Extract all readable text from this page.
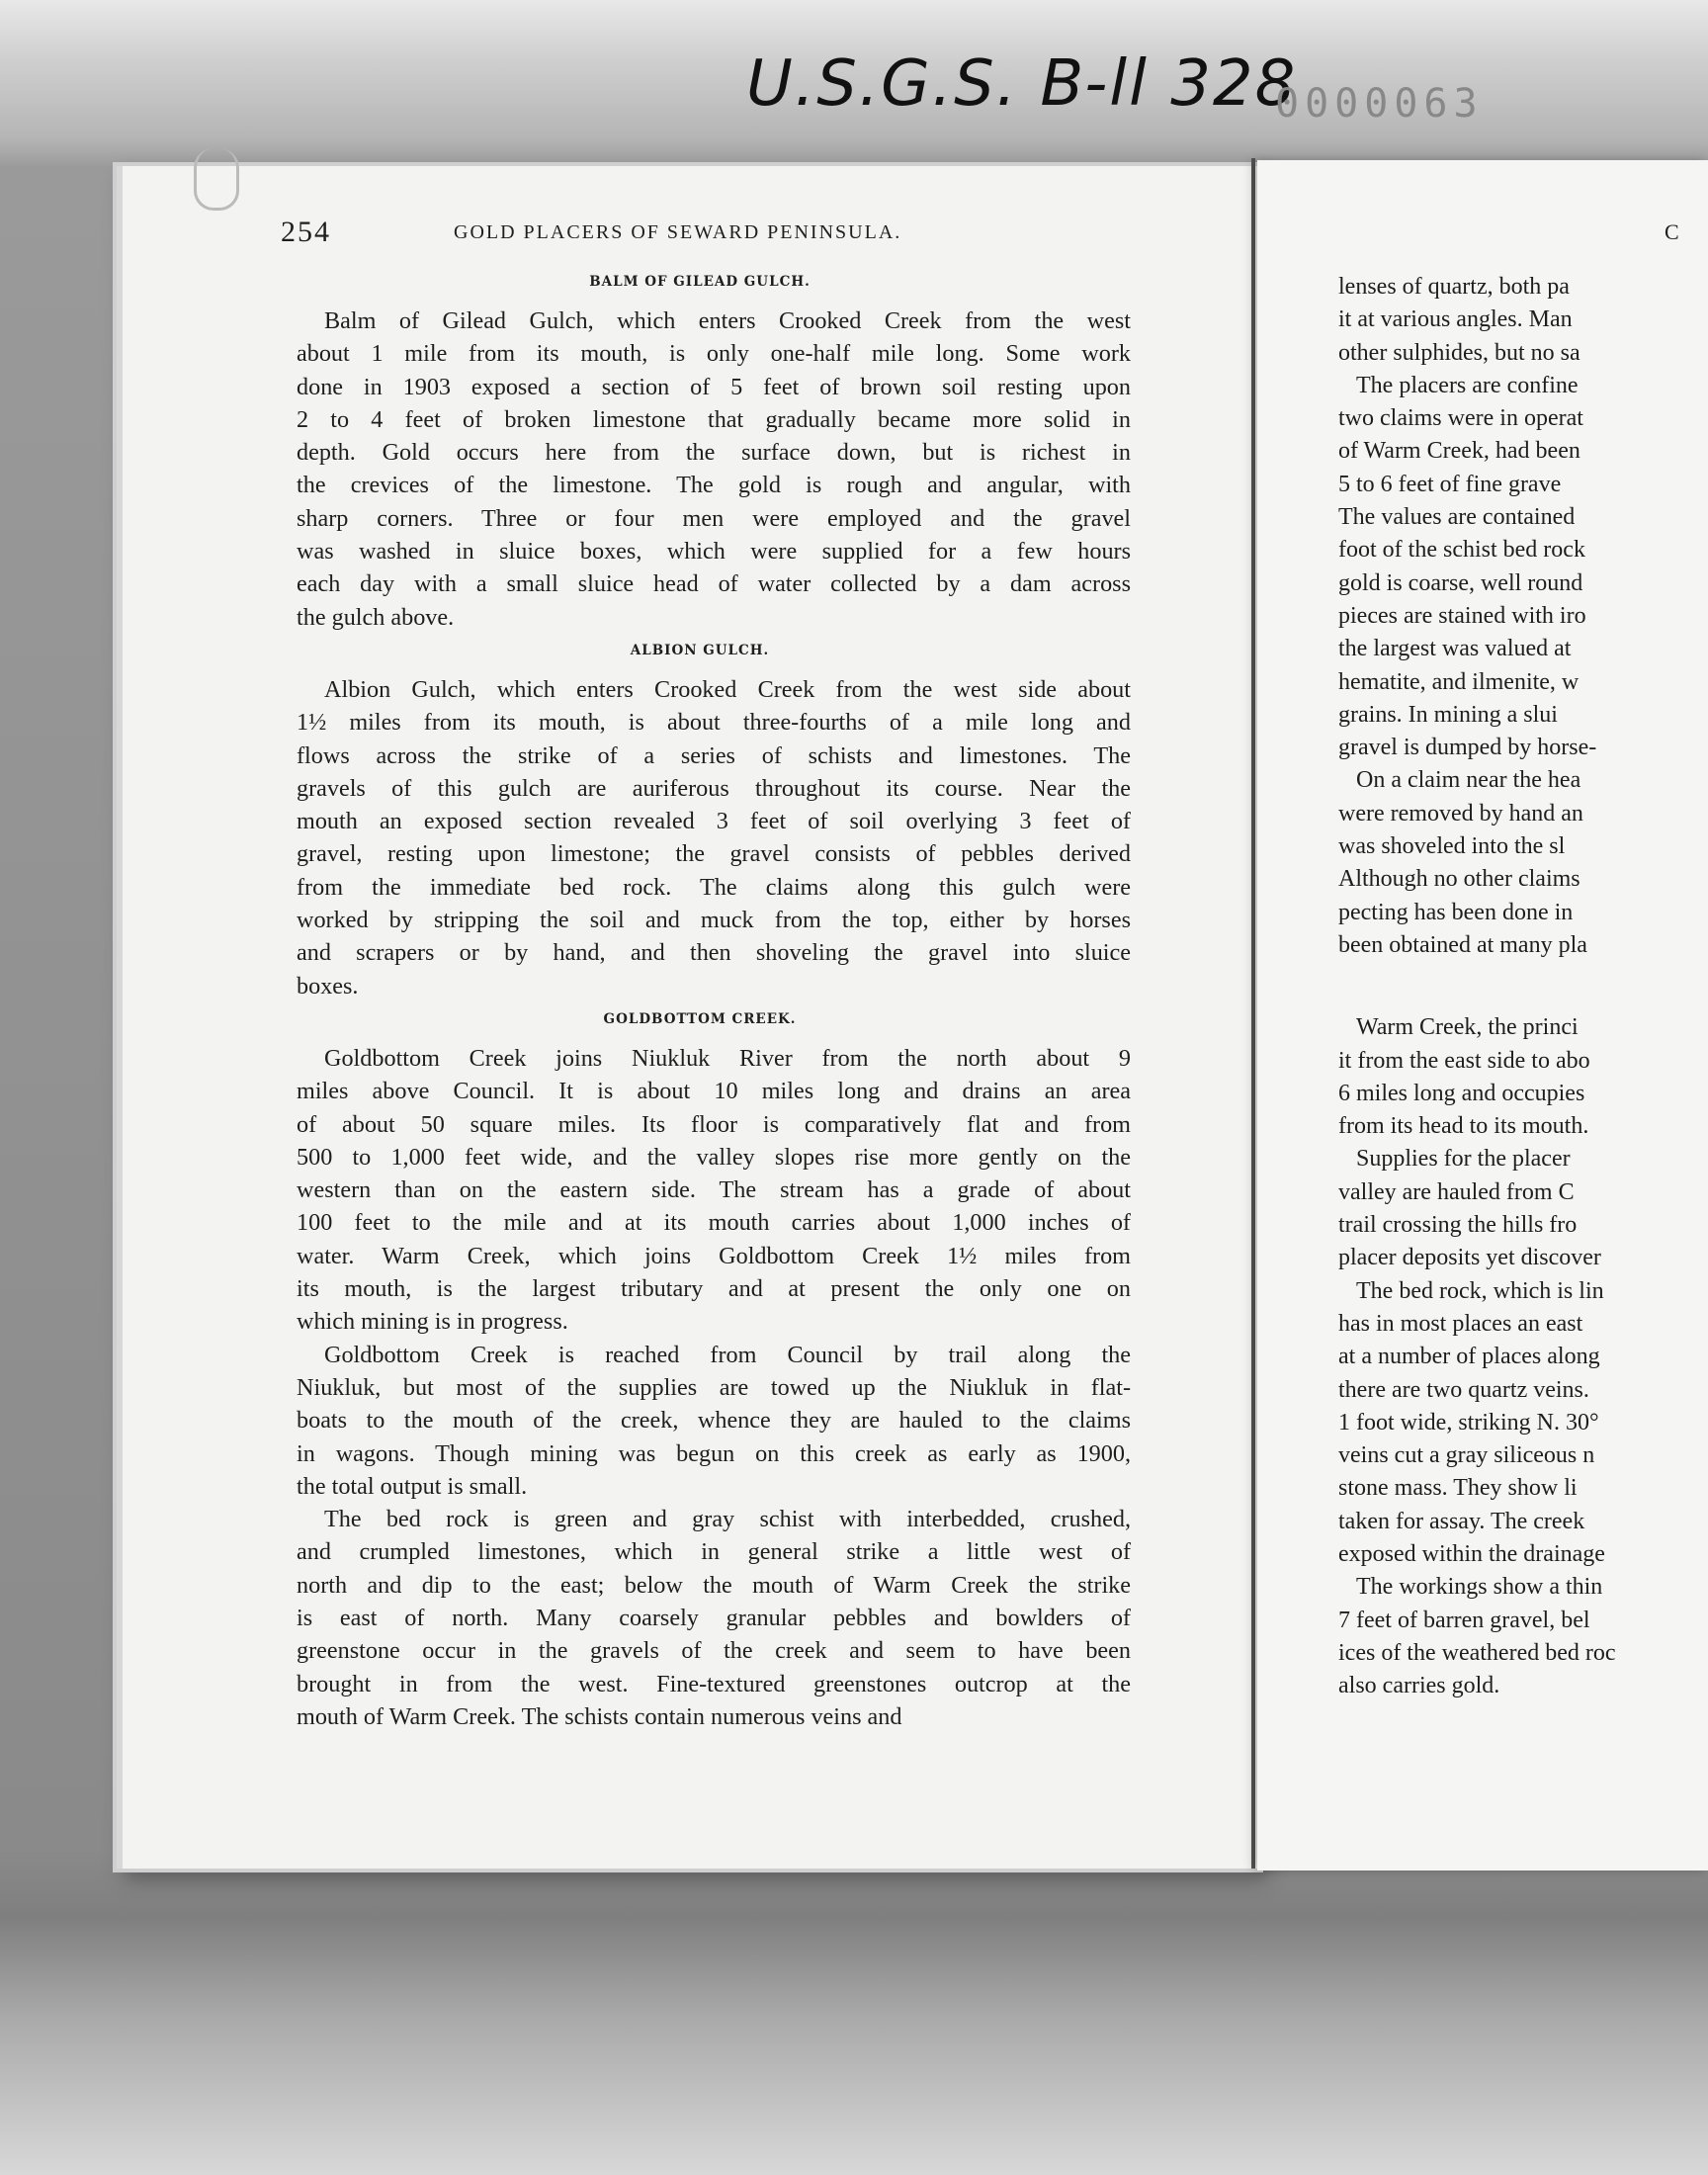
U.S.G.S. B-ll 328
0000063
254	GOLD PLACERS OF SEWARD PENINSULA.
BALM OF GILEAD GULCH.
Balm of Gilead Gulch, which enters Crooked Creek from the west
about 1 mile from its mouth, is only one-half mile long. Some work
done in 1903 exposed a section of 5 feet of brown soil resting upon
2 to 4 feet of broken limestone that gradually became more solid in
depth. Gold occurs here from the surface down, but is richest in
the crevices of the limestone. The gold is rough and angular, with
sharp corners. Three or four men were employed and the gravel
was washed in sluice boxes, which were supplied for a few hours
each day with a small sluice head of water collected by a dam across
the gulch above.
ALBION GULCH.
Albion Gulch, which enters Crooked Creek from the west side about
1½ miles from its mouth, is about three-fourths of a mile long and
flows across the strike of a series of schists and limestones. The
gravels of this gulch are auriferous throughout its course. Near the
mouth an exposed section revealed 3 feet of soil overlying 3 feet of
gravel, resting upon limestone; the gravel consists of pebbles derived
from the immediate bed rock. The claims along this gulch were
worked by stripping the soil and muck from the top, either by horses
and scrapers or by hand, and then shoveling the gravel into sluice
boxes.
GOLDBOTTOM CREEK.
Goldbottom Creek joins Niukluk River from the north about 9
miles above Council. It is about 10 miles long and drains an area
of about 50 square miles. Its floor is comparatively flat and from
500 to 1,000 feet wide, and the valley slopes rise more gently on the
western than on the eastern side. The stream has a grade of about
100 feet to the mile and at its mouth carries about 1,000 inches of
water. Warm Creek, which joins Goldbottom Creek 1½ miles from
its mouth, is the largest tributary and at present the only one on
which mining is in progress.
Goldbottom Creek is reached from Council by trail along the
Niukluk, but most of the supplies are towed up the Niukluk in flat-
boats to the mouth of the creek, whence they are hauled to the claims
in wagons. Though mining was begun on this creek as early as 1900,
the total output is small.
The bed rock is green and gray schist with interbedded, crushed,
and crumpled limestones, which in general strike a little west of
north and dip to the east; below the mouth of Warm Creek the strike
is east of north. Many coarsely granular pebbles and bowlders of
greenstone occur in the gravels of the creek and seem to have been
brought in from the west. Fine-textured greenstones outcrop at the
mouth of Warm Creek. The schists contain numerous veins and
C
lenses of quartz, both pa
it at various angles. Man
other sulphides, but no sa
The placers are confine
two claims were in operat
of Warm Creek, had been
5 to 6 feet of fine grave
The values are contained
foot of the schist bed rock
gold is coarse, well round
pieces are stained with iro
the largest was valued at
hematite, and ilmenite, w
grains. In mining a slui
gravel is dumped by horse-
On a claim near the hea
were removed by hand an
was shoveled into the sl
Although no other claims
pecting has been done in
been obtained at many pla
Warm Creek, the princi
it from the east side to abo
6 miles long and occupies
from its head to its mouth.
Supplies for the placer
valley are hauled from C
trail crossing the hills fro
placer deposits yet discover
The bed rock, which is lin
has in most places an east
at a number of places along
there are two quartz veins.
1 foot wide, striking N. 30°
veins cut a gray siliceous n
stone mass. They show li
taken for assay. The creek
exposed within the drainage
The workings show a thin
7 feet of barren gravel, bel
ices of the weathered bed roc
also carries gold.
